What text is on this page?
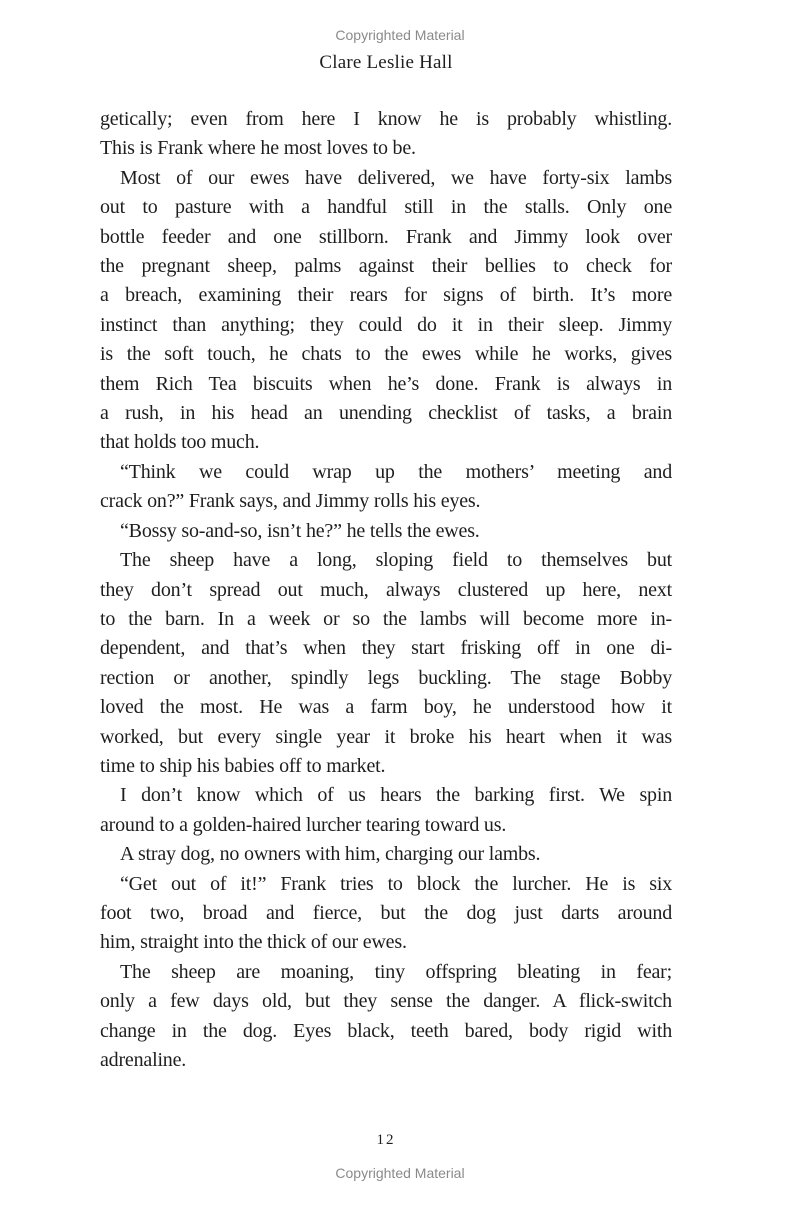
Copyrighted Material
Clare Leslie Hall
getically; even from here I know he is probably whistling.
This is Frank where he most loves to be.
Most of our ewes have delivered, we have forty-six lambs
out to pasture with a handful still in the stalls. Only one
bottle feeder and one stillborn. Frank and Jimmy look over
the pregnant sheep, palms against their bellies to check for
a breach, examining their rears for signs of birth. It’s more
instinct than anything; they could do it in their sleep. Jimmy
is the soft touch, he chats to the ewes while he works, gives
them Rich Tea biscuits when he’s done. Frank is always in
a rush, in his head an unending checklist of tasks, a brain
that holds too much.
“Think we could wrap up the mothers’ meeting and
crack on?” Frank says, and Jimmy rolls his eyes.
“Bossy so-and-so, isn’t he?” he tells the ewes.
The sheep have a long, sloping field to themselves but
they don’t spread out much, always clustered up here, next
to the barn. In a week or so the lambs will become more in-
dependent, and that’s when they start frisking off in one di-
rection or another, spindly legs buckling. The stage Bobby
loved the most. He was a farm boy, he understood how it
worked, but every single year it broke his heart when it was
time to ship his babies off to market.
I don’t know which of us hears the barking first. We spin
around to a golden-haired lurcher tearing toward us.
A stray dog, no owners with him, charging our lambs.
“Get out of it!” Frank tries to block the lurcher. He is six
foot two, broad and fierce, but the dog just darts around
him, straight into the thick of our ewes.
The sheep are moaning, tiny offspring bleating in fear;
only a few days old, but they sense the danger. A flick-switch
change in the dog. Eyes black, teeth bared, body rigid with
adrenaline.
12
Copyrighted Material
